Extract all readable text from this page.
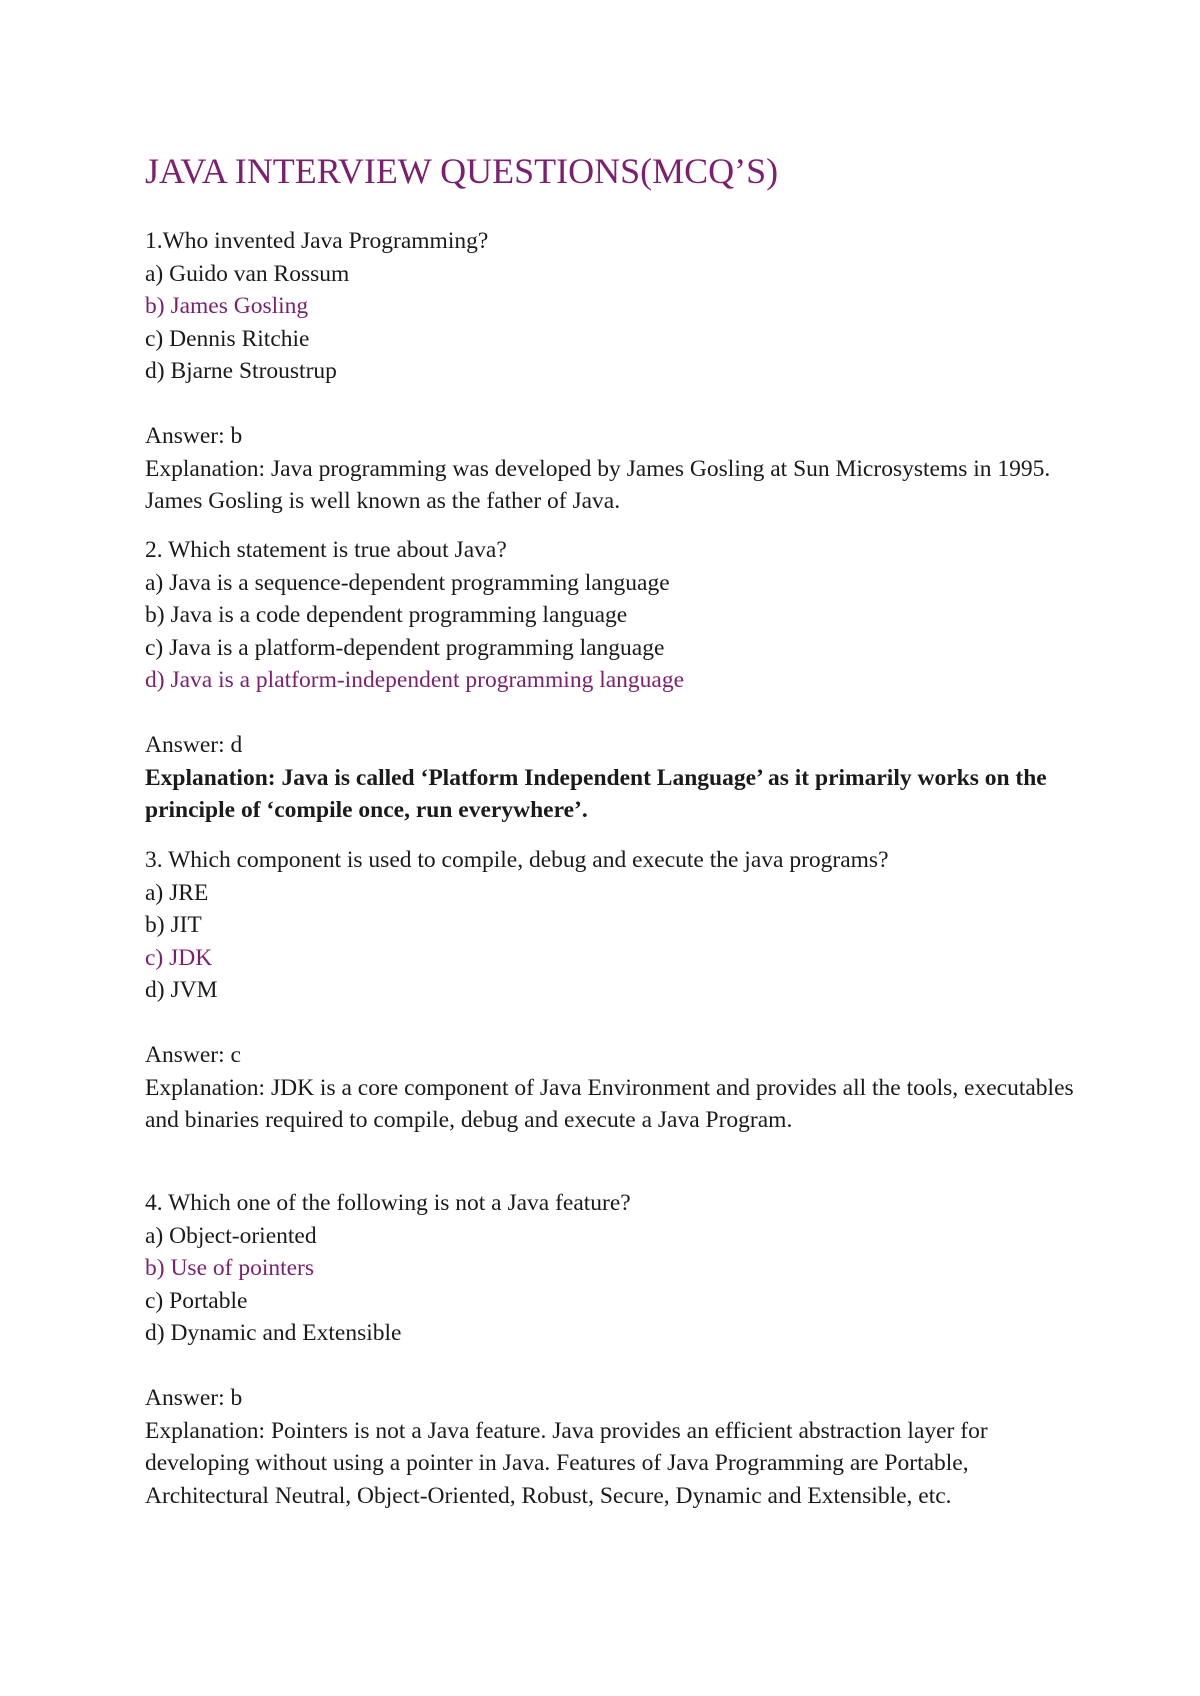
JAVA INTERVIEW QUESTIONS(MCQ’S)
1.Who invented Java Programming?
a) Guido van Rossum
b) James Gosling
c) Dennis Ritchie
d) Bjarne Stroustrup
Answer: b
Explanation: Java programming was developed by James Gosling at Sun Microsystems in 1995. James Gosling is well known as the father of Java.
2. Which statement is true about Java?
a) Java is a sequence-dependent programming language
b) Java is a code dependent programming language
c) Java is a platform-dependent programming language
d) Java is a platform-independent programming language
Answer: d
Explanation: Java is called ‘Platform Independent Language’ as it primarily works on the principle of ‘compile once, run everywhere’.
3. Which component is used to compile, debug and execute the java programs?
a) JRE
b) JIT
c) JDK
d) JVM
Answer: c
Explanation: JDK is a core component of Java Environment and provides all the tools, executables and binaries required to compile, debug and execute a Java Program.
4. Which one of the following is not a Java feature?
a) Object-oriented
b) Use of pointers
c) Portable
d) Dynamic and Extensible
Answer: b
Explanation: Pointers is not a Java feature. Java provides an efficient abstraction layer for developing without using a pointer in Java. Features of Java Programming are Portable, Architectural Neutral, Object-Oriented, Robust, Secure, Dynamic and Extensible, etc.
